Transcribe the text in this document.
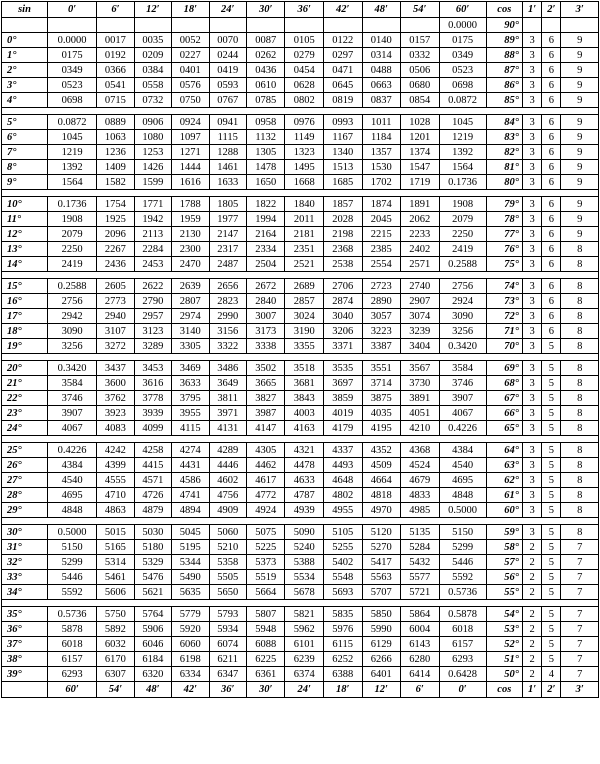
sin	0′	6′	12′	18′	24′	30′	36′	42′	48′	54′	60′	cos	1′	2′	3′
											0.0000	90°			
0°	0.0000	0017	0035	0052	0070	0087	0105	0122	0140	0157	0175	89°	3	6	9
1°	0175	0192	0209	0227	0244	0262	0279	0297	0314	0332	0349	88°	3	6	9
2°	0349	0366	0384	0401	0419	0436	0454	0471	0488	0506	0523	87°	3	6	9
3°	0523	0541	0558	0576	0593	0610	0628	0645	0663	0680	0698	86°	3	6	9
4°	0698	0715	0732	0750	0767	0785	0802	0819	0837	0854	0.0872	85°	3	6	9

5°	0.0872	0889	0906	0924	0941	0958	0976	0993	1011	1028	1045	84°	3	6	9
6°	1045	1063	1080	1097	1115	1132	1149	1167	1184	1201	1219	83°	3	6	9
7°	1219	1236	1253	1271	1288	1305	1323	1340	1357	1374	1392	82°	3	6	9
8°	1392	1409	1426	1444	1461	1478	1495	1513	1530	1547	1564	81°	3	6	9
9°	1564	1582	1599	1616	1633	1650	1668	1685	1702	1719	0.1736	80°	3	6	9

10°	0.1736	1754	1771	1788	1805	1822	1840	1857	1874	1891	1908	79°	3	6	9
11°	1908	1925	1942	1959	1977	1994	2011	2028	2045	2062	2079	78°	3	6	9
12°	2079	2096	2113	2130	2147	2164	2181	2198	2215	2233	2250	77°	3	6	9
13°	2250	2267	2284	2300	2317	2334	2351	2368	2385	2402	2419	76°	3	6	8
14°	2419	2436	2453	2470	2487	2504	2521	2538	2554	2571	0.2588	75°	3	6	8

15°	0.2588	2605	2622	2639	2656	2672	2689	2706	2723	2740	2756	74°	3	6	8
16°	2756	2773	2790	2807	2823	2840	2857	2874	2890	2907	2924	73°	3	6	8
17°	2942	2940	2957	2974	2990	3007	3024	3040	3057	3074	3090	72°	3	6	8
18°	3090	3107	3123	3140	3156	3173	3190	3206	3223	3239	3256	71°	3	6	8
19°	3256	3272	3289	3305	3322	3338	3355	3371	3387	3404	0.3420	70°	3	5	8

20°	0.3420	3437	3453	3469	3486	3502	3518	3535	3551	3567	3584	69°	3	5	8
21°	3584	3600	3616	3633	3649	3665	3681	3697	3714	3730	3746	68°	3	5	8
22°	3746	3762	3778	3795	3811	3827	3843	3859	3875	3891	3907	67°	3	5	8
23°	3907	3923	3939	3955	3971	3987	4003	4019	4035	4051	4067	66°	3	5	8
24°	4067	4083	4099	4115	4131	4147	4163	4179	4195	4210	0.4226	65°	3	5	8

25°	0.4226	4242	4258	4274	4289	4305	4321	4337	4352	4368	4384	64°	3	5	8
26°	4384	4399	4415	4431	4446	4462	4478	4493	4509	4524	4540	63°	3	5	8
27°	4540	4555	4571	4586	4602	4617	4633	4648	4664	4679	4695	62°	3	5	8
28°	4695	4710	4726	4741	4756	4772	4787	4802	4818	4833	4848	61°	3	5	8
29°	4848	4863	4879	4894	4909	4924	4939	4955	4970	4985	0.5000	60°	3	5	8

30°	0.5000	5015	5030	5045	5060	5075	5090	5105	5120	5135	5150	59°	3	5	8
31°	5150	5165	5180	5195	5210	5225	5240	5255	5270	5284	5299	58°	2	5	7
32°	5299	5314	5329	5344	5358	5373	5388	5402	5417	5432	5446	57°	2	5	7
33°	5446	5461	5476	5490	5505	5519	5534	5548	5563	5577	5592	56°	2	5	7
34°	5592	5606	5621	5635	5650	5664	5678	5693	5707	5721	0.5736	55°	2	5	7

35°	0.5736	5750	5764	5779	5793	5807	5821	5835	5850	5864	0.5878	54°	2	5	7
36°	5878	5892	5906	5920	5934	5948	5962	5976	5990	6004	6018	53°	2	5	7
37°	6018	6032	6046	6060	6074	6088	6101	6115	6129	6143	6157	52°	2	5	7
38°	6157	6170	6184	6198	6211	6225	6239	6252	6266	6280	6293	51°	2	5	7
39°	6293	6307	6320	6334	6347	6361	6374	6388	6401	6414	0.6428	50°	2	4	7
	60′	54′	48′	42′	36′	30′	24′	18′	12′	6′	0′	cos	1′	2′	3′
